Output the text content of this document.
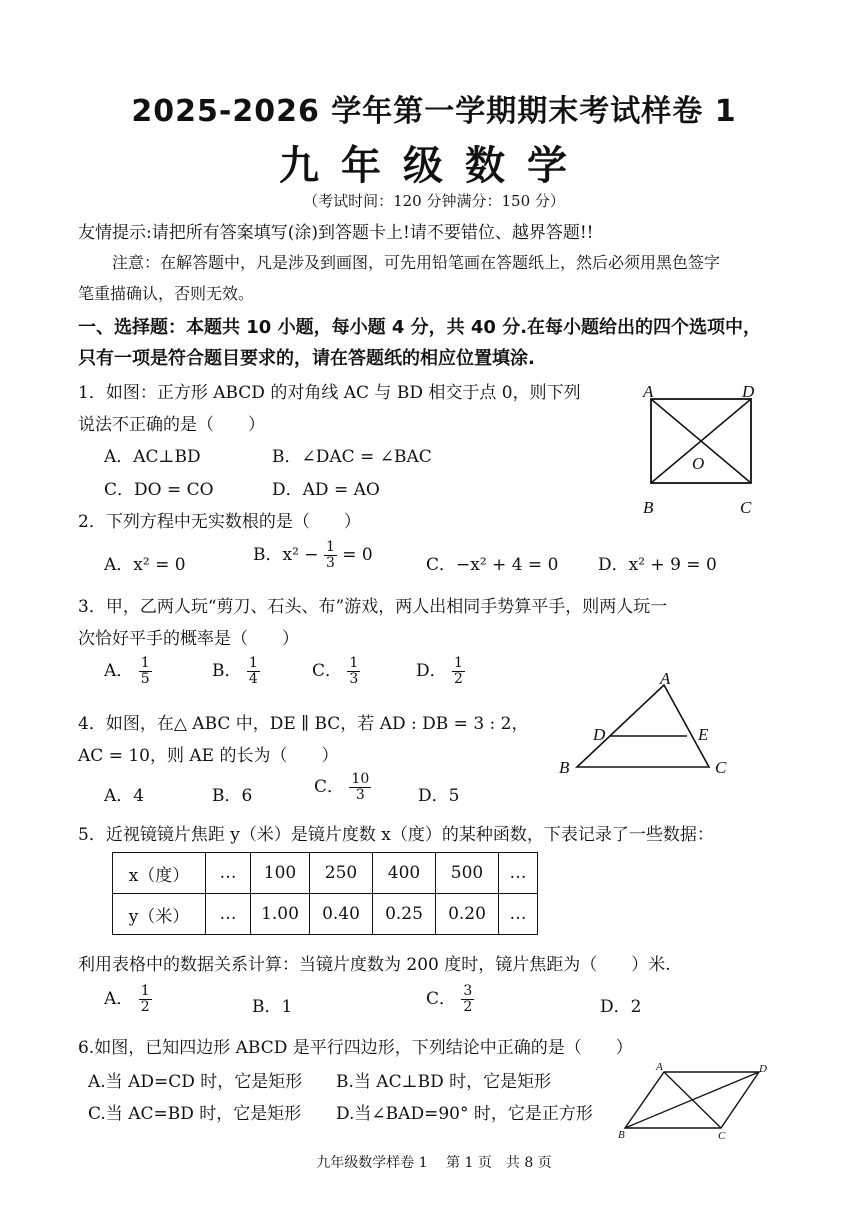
2025-2026 学年第一学期期末考试样卷 1
九年级数学
（考试时间：120 分钟满分：150 分）
友情提示:请把所有答案填写(涂)到答题卡上!请不要错位、越界答题!!
注意：在解答题中，凡是涉及到画图，可先用铅笔画在答题纸上，然后必须用黑色签字
笔重描确认，否则无效。
一、选择题：本题共 10 小题，每小题 4 分，共 40 分.在每小题给出的四个选项中，
只有一项是符合题目要求的，请在答题纸的相应位置填涂.
1．如图：正方形 ABCD 的对角线 AC 与 BD 相交于点 0，则下列
说法不正确的是（　　）
A．AC⊥BD	B．∠DAC = ∠BAC
C．DO = CO	D．AD = AO
A	D
B	C
O
2．下列方程中无实数根的是（　　）
A．x² = 0	B．$x^2 - \frac{1}{3} = 0$	C．−x² + 4 = 0 D．x² + 9 = 0
3．甲，乙两人玩“剪刀、石头、布”游戏，两人出相同手势算平手，则两人玩一
次恰好平手的概率是（　　）
A． $\frac{1}{5}$	B． $\frac{1}{4}$	C． $\frac{1}{3}$	D． $\frac{1}{2}$
4．如图，在△ ABC 中，DE ∥ BC，若 AD : DB = 3 : 2，
AC = 10，则 AE 的长为（　　）
A．4	B．6	C． $\frac{10}{3}$	D．5
A
B	C
D	E
5．近视镜镜片焦距 y（米）是镜片度数 x（度）的某种函数，下表记录了一些数据：
x（度）	…	100	250	400	500	…
y（米）	…	1.00	0.40	0.25	0.20	…
利用表格中的数据关系计算：当镜片度数为 200 度时，镜片焦距为（　　）米.
A． $\frac{1}{2}$	B．1	C． $\frac{3}{2}$	D．2
6.如图，已知四边形 ABCD 是平行四边形，下列结论中正确的是（　　）
A.当 AD=CD 时，它是矩形 B.当 AC⊥BD 时，它是矩形
C.当 AC=BD 时，它是矩形 D.当∠BAD=90° 时，它是正方形
A	D
B	C
九年级数学样卷 1　 第 1 页　共 8 页
